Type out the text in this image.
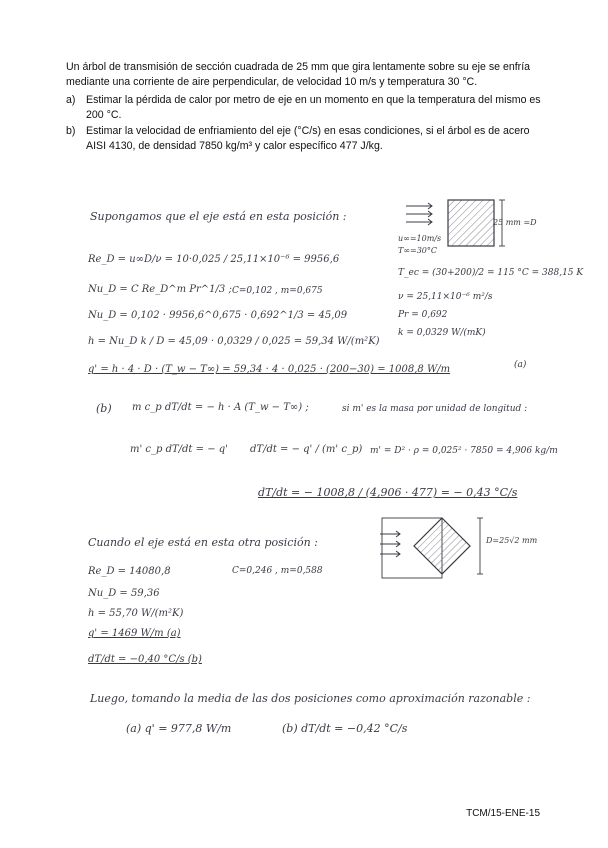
Un árbol de transmisión de sección cuadrada de 25 mm que gira lentamente sobre su eje se enfría mediante una corriente de aire perpendicular, de velocidad 10 m/s y temperatura 30 °C.

a) Estimar la pérdida de calor por metro de eje en un momento en que la temperatura del mismo es 200 °C.
b) Estimar la velocidad de enfriamiento del eje (°C/s) en esas condiciones, si el árbol es de acero AISI 4130, de densidad 7850 kg/m³ y calor específico 477 J/kg.
Supongamos que el eje está en esta posición :	25 mm =D
u∞=10m/s
T∞=30°C
Re_D = u∞D/ν = 10·0,025 / 25,11×10⁻⁶ = 9956,6
Nu_D = C Re_D^m Pr^1/3 ; C=0,102 , m=0,675
T_ec = (30+200)/2 = 115 °C = 388,15 K
ν = 25,11×10⁻⁶ m²/s
Pr = 0,692
k = 0,0329 W/(mK)
Nu_D = 0,102 · 9956,6^0,675 · 0,692^1/3 = 45,09
h = Nu_D k / D = 45,09 · 0,0329 / 0,025 = 59,34 W/(m²K)
q' = h · 4 · D · (T_w − T∞) = 59,34 · 4 · 0,025 · (200−30) = 1008,8 W/m	(a)
(b) m c_p dT/dt = − h · A (T_w − T∞) ;	si m' es la masa por unidad de longitud :
m' c_p dT/dt = − q' dT/dt = − q' / (m' c_p) m' = D² · ρ = 0,025² · 7850 = 4,906 kg/m
dT/dt = − 1008,8 / (4,906 · 477) = − 0,43 °C/s
Cuando el eje está en esta otra posición :	D=25√2 mm
Re_D = 14080,8	C=0,246 , m=0,588
Nu_D = 59,36
h = 55,70 W/(m²K)
q' = 1469 W/m (a)
dT/dt = −0,40 °C/s (b)
Luego, tomando la media de las dos posiciones como aproximación razonable :
(a) q' = 977,8 W/m	(b) dT/dt = −0,42 °C/s
TCM/15-ENE-15
